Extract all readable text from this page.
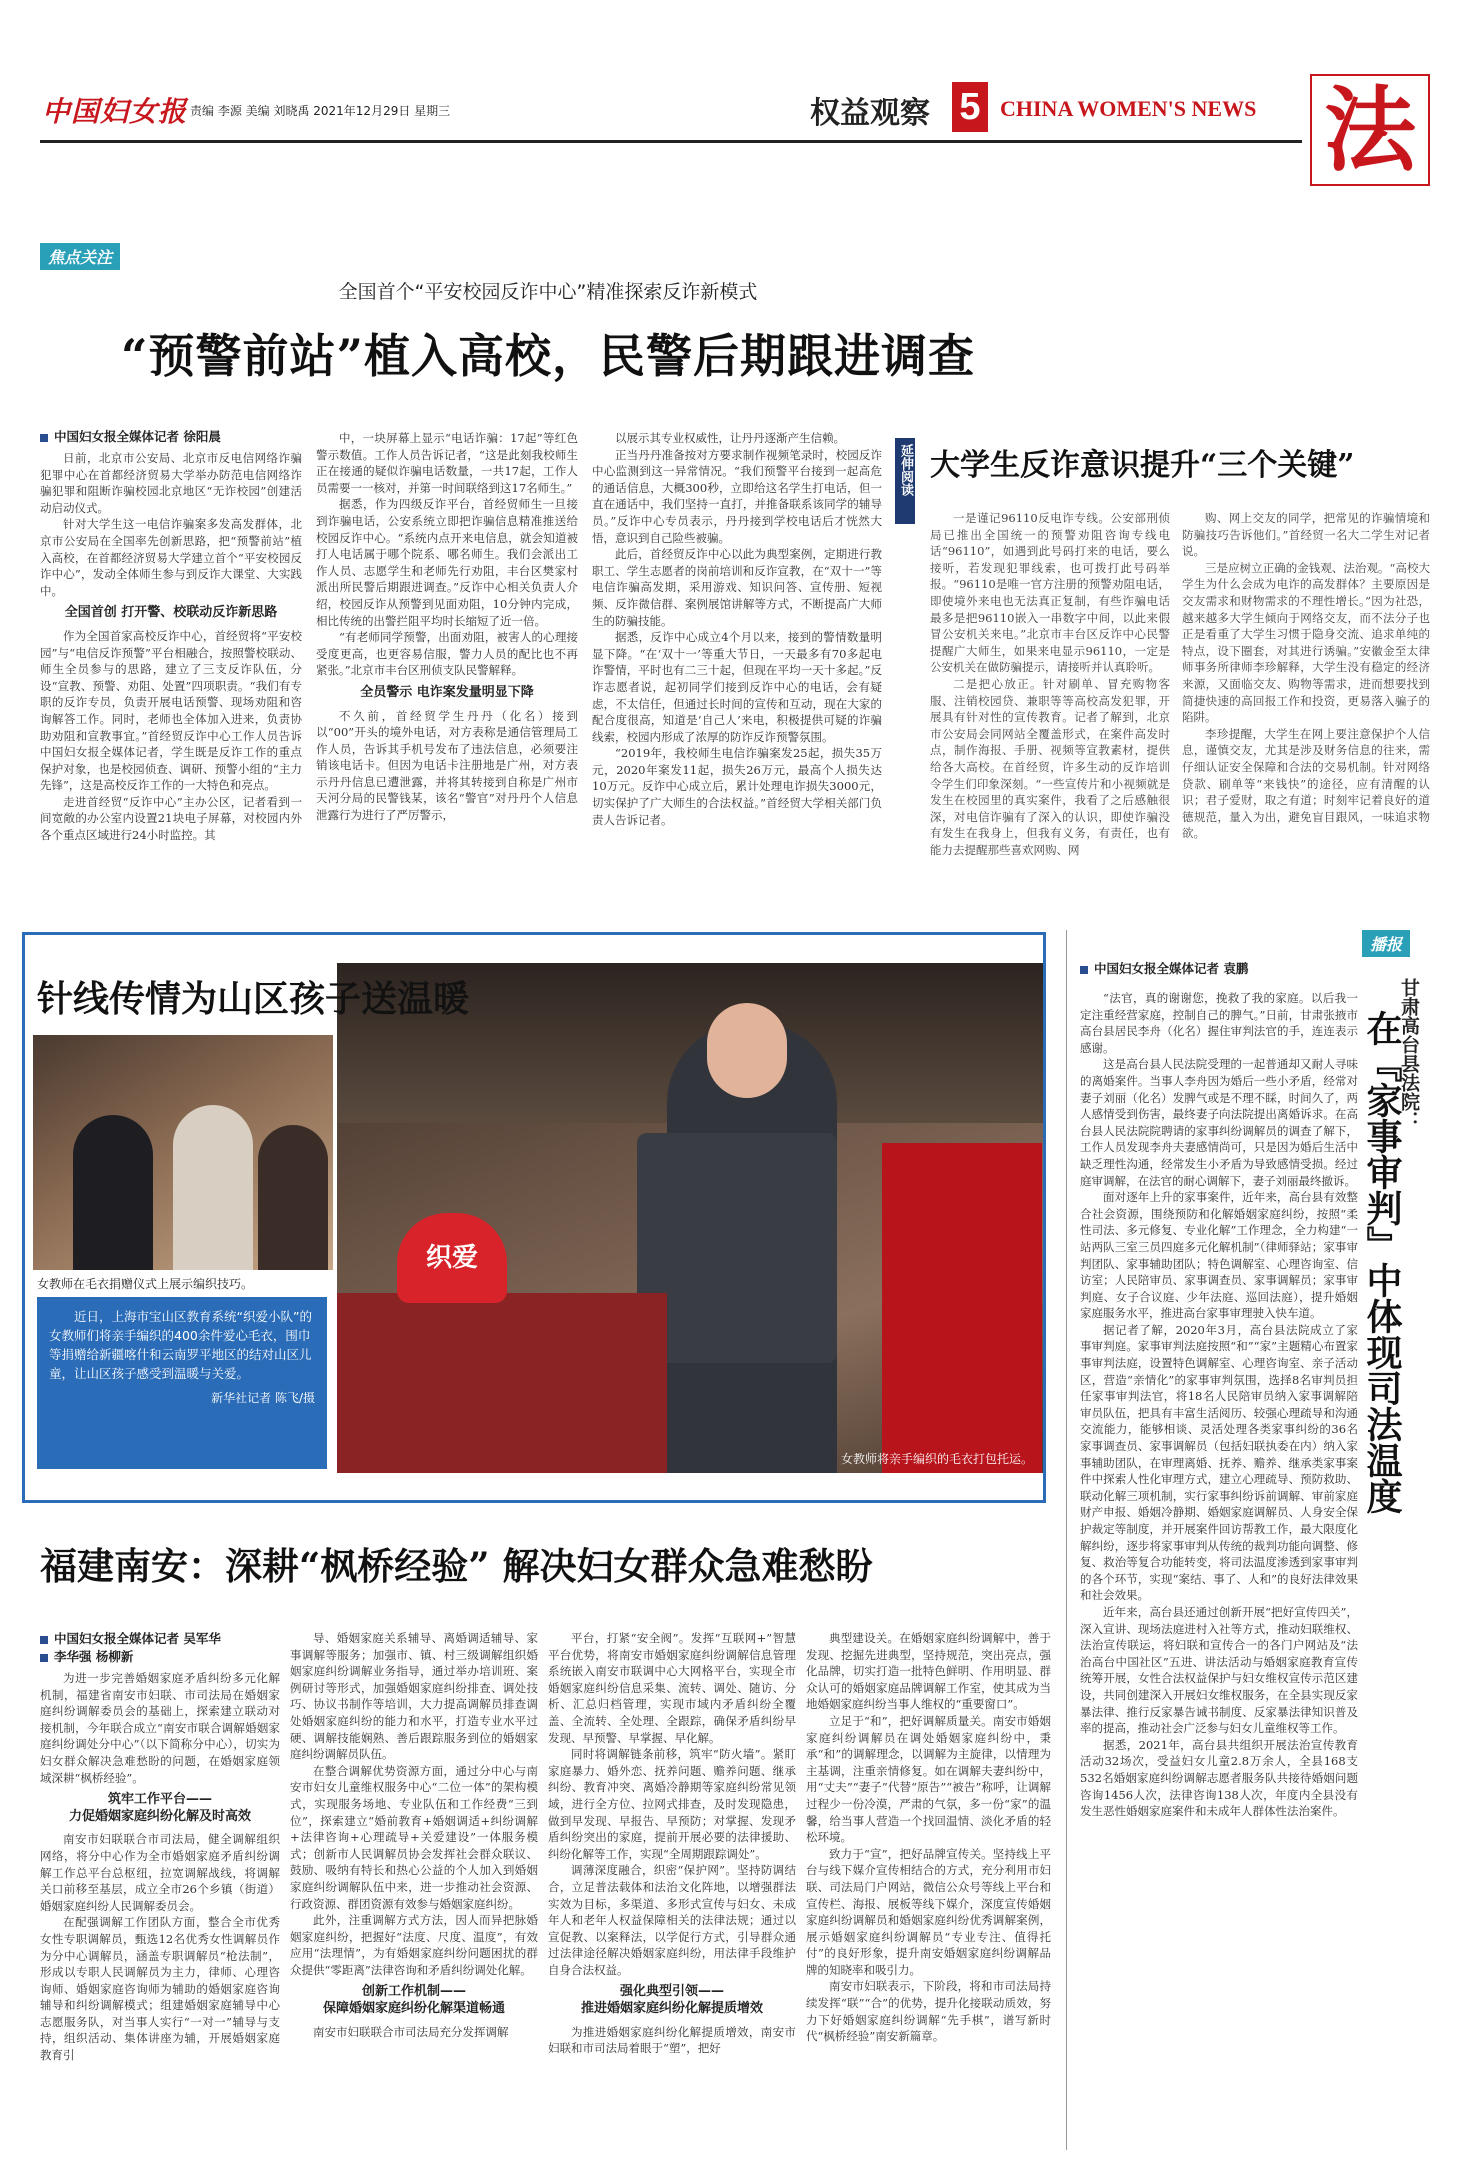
中国妇女报 责编 李源 美编 刘晓禹 2021年12月29日 星期三	权益观察 5 CHINA WOMEN'S NEWS 法
焦点关注
全国首个“平安校园反诈中心”精准探索反诈新模式
“预警前站”植入高校，民警后期跟进调查
中国妇女报全媒体记者 徐阳晨

日前，北京市公安局、北京市反电信网络诈骗犯罪中心在首都经济贸易大学举办防范电信网络诈骗犯罪和阻断诈骗校园北京地区“无诈校园”创建活动启动仪式。

针对大学生这一电信诈骗案多发高发群体，北京市公安局在全国率先创新思路，把“预警前站”植入高校，在首都经济贸易大学建立首个“平安校园反诈中心”，发动全体师生参与到反诈大课堂、大实践中。

全国首创 打开警、校联动反诈新思路

作为全国首家高校反诈中心，首经贸将“平安校园”与“电信反诈预警”平台相融合，按照警校联动、师生全员参与的思路，建立了三支反诈队伍，分设“宣教、预警、劝阻、处置”四项职责。“我们有专职的反诈专员，负责开展电话预警、现场劝阻和咨询解答工作。同时，老师也全体加入进来，负责协助劝阻和宣教事宜。”首经贸反诈中心工作人员告诉中国妇女报全媒体记者，学生既是反诈工作的重点保护对象，也是校园侦查、调研、预警小组的“主力先锋”，这是高校反诈工作的一大特色和亮点。

走进首经贸“反诈中心”主办公区，记者看到一间宽敞的办公室内设置21块电子屏幕，对校园内外各个重点区域进行24小时监控。其

中，一块屏幕上显示“电话诈骗：17起”等红色警示数值。工作人员告诉记者，“这是此刻我校师生正在接通的疑似诈骗电话数量，一共17起，工作人员需要一一核对，并第一时间联络到这17名师生。”

据悉，作为四级反诈平台，首经贸师生一旦接到诈骗电话，公安系统立即把诈骗信息精准推送给校园反诈中心。“系统内点开来电信息，就会知道被打人电话属于哪个院系、哪名师生。我们会派出工作人员、志愿学生和老师先行劝阻，丰台区樊家村派出所民警后期跟进调查。”反诈中心相关负责人介绍，校园反诈从预警到见面劝阻，10分钟内完成，相比传统的出警拦阻平均时长缩短了近一倍。

“有老师同学预警，出面劝阻，被害人的心理接受度更高，也更容易信服，警力人员的配比也不再紧张。”北京市丰台区刑侦支队民警解释。

全员警示 电诈案发量明显下降

不久前，首经贸学生丹丹（化名）接到以“00”开头的境外电话，对方表称是通信管理局工作人员，告诉其手机号发布了违法信息，必须要注销该电话卡。但因为电话卡注册地是广州，对方表示丹丹信息已遭泄露，并将其转接到自称是广州市天河分局的民警钱某，该名“警官”对丹丹个人信息泄露行为进行了严厉警示，

以展示其专业权威性，让丹丹逐渐产生信赖。

正当丹丹准备按对方要求制作视频笔录时，校园反诈中心监测到这一异常情况。“我们预警平台接到一起高危的通话信息，大概300秒，立即给这名学生打电话，但一直在通话中，我们坚持一直打，并推备联系该同学的辅导员。”反诈中心专员表示，丹丹接到学校电话后才恍然大悟，意识到自己险些被骗。

此后，首经贸反诈中心以此为典型案例，定期进行教职工、学生志愿者的岗前培训和反诈宣教，在“双十一”等电信诈骗高发期，采用游戏、知识问答、宣传册、短视频、反诈微信群、案例展馆讲解等方式，不断提高广大师生的防骗技能。

据悉，反诈中心成立4个月以来，接到的警情数量明显下降。“在‘双十一’等重大节日，一天最多有70多起电诈警情，平时也有二三十起，但现在平均一天十多起。”反诈志愿者说，起初同学们接到反诈中心的电话，会有疑虑，不太信任，但通过长时间的宣传和互动，现在大家的配合度很高，知道是‘自己人’来电，积极提供可疑的诈骗线索，校园内形成了浓厚的防诈反诈预警氛围。

“2019年，我校师生电信诈骗案发25起，损失35万元，2020年案发11起，损失26万元，最高个人损失达10万元。反诈中心成立后，累计处理电诈损失3000元，切实保护了广大师生的合法权益。”首经贸大学相关部门负责人告诉记者。

延伸阅读 大学生反诈意识提升“三个关键”

一是谨记96110反电诈专线。公安部刑侦局已推出全国统一的预警劝阻咨询专线电话“96110”，如遇到此号码打来的电话，要么接听，若发现犯罪线索，也可拨打此号码举报。“96110是唯一官方注册的预警劝阻电话，即使境外来电也无法真正复制，有些诈骗电话最多是把96110嵌入一串数字中间，以此来假冒公安机关来电。”北京市丰台区反诈中心民警提醒广大师生，如果来电显示96110，一定是公安机关在做防骗提示，请接听并认真聆听。

二是把心放正。针对刷单、冒充购物客服、注销校园贷、兼职等等高校高发犯罪，开展具有针对性的宣传教育。记者了解到，北京市公安局会同网站全覆盖形式，在案件高发时点，制作海报、手册、视频等宣教素材，提供给各大高校。在首经贸，许多生动的反诈培训令学生们印象深刻。“一些宣传片和小视频就是发生在校园里的真实案件，我看了之后感触很深，对电信诈骗有了深入的认识，即使诈骗没有发生在我身上，但我有义务，有责任，也有能力去提醒那些喜欢网购、网

购、网上交友的同学，把常见的诈骗情境和防骗技巧告诉他们。”首经贸一名大二学生对记者说。

三是应树立正确的金钱观、法治观。“高校大学生为什么会成为电诈的高发群体？主要原因是交友需求和财物需求的不理性增长。”因为社恐，越来越多大学生倾向于网络交友，而不法分子也正是看重了大学生习惯于隐身交流、追求单纯的特点，设下圈套，对其进行诱骗。”安徽金至太律师事务所律师李珍解释，大学生没有稳定的经济来源，又面临交友、购物等需求，进而想要找到简捷快速的高回报工作和投资，更易落入骗子的陷阱。

李珍提醒，大学生在网上要注意保护个人信息，谨慎交友，尤其是涉及财务信息的往来，需仔细认证安全保障和合法的交易机制。针对网络贷款、刷单等“来钱快”的途径，应有清醒的认识；君子爱财，取之有道；时刻牢记着良好的道德规范，量入为出，避免盲目跟风，一味追求物欲。

织爱
女教师将亲手编织的毛衣打包托运。
针线传情为山区孩子送温暖
女教师在毛衣捐赠仪式上展示编织技巧。
近日，上海市宝山区教育系统“织爱小队”的女教师们将亲手编织的400余件爱心毛衣，围巾等捐赠给新疆喀什和云南罗平地区的结对山区儿童，让山区孩子感受到温暖与关爱。
新华社记者 陈飞/摄
福建南安：深耕“枫桥经验” 解决妇女群众急难愁盼
中国妇女报全媒体记者 吴军华
李华强 杨柳新

为进一步完善婚姻家庭矛盾纠纷多元化解机制，福建省南安市妇联、市司法局在婚姻家庭纠纷调解委员会的基础上，探索建立联动对接机制，今年联合成立“南安市联合调解婚姻家庭纠纷调处分中心”（以下简称分中心），切实为妇女群众解决急难愁盼的问题，在婚姻家庭领域深耕“枫桥经验”。

筑牢工作平台——
力促婚姻家庭纠纷化解及时高效

南安市妇联联合市司法局，健全调解组织网络，将分中心作为全市婚姻家庭矛盾纠纷调解工作总平台总枢纽，拉宽调解战线，将调解关口前移至基层，成立全市26个乡镇（街道）婚姻家庭纠纷人民调解委员会。

在配强调解工作团队方面，整合全市优秀女性专职调解员，甄选12名优秀女性调解员作为分中心调解员，涵盖专职调解员“枪法制”，形成以专职人民调解员为主力，律师、心理咨询师、婚姻家庭咨询师为辅助的婚姻家庭咨询辅导和纠纷调解模式；组建婚姻家庭辅导中心志愿服务队，对当事人实行“一对一”辅导与支持，组织活动、集体讲座为辅，开展婚姻家庭教育引

导、婚姻家庭关系辅导、离婚调适辅导、家事调解等服务；加强市、镇、村三级调解组织婚姻家庭纠纷调解业务指导，通过举办培训班、案例研讨等形式，加强婚姻家庭纠纷排查、调处技巧、协议书制作等培训，大力提高调解员排查调处婚姻家庭纠纷的能力和水平，打造专业水平过硬、调解技能娴熟、善后跟踪服务到位的婚姻家庭纠纷调解员队伍。

在整合调解优势资源方面，通过分中心与南安市妇女儿童维权服务中心“二位一体”的架构模式，实现服务场地、专业队伍和工作经费“三到位”，探索建立“婚前教育+婚姻调适+纠纷调解+法律咨询+心理疏导+关爱建设”一体服务模式；创新市人民调解员协会发挥社会群众联议、鼓励、吸纳有特长和热心公益的个人加入到婚姻家庭纠纷调解队伍中来，进一步推动社会资源、行政资源、群团资源有效参与婚姻家庭纠纷。

此外，注重调解方式方法，因人而异把脉婚姻家庭纠纷，把握好“法度、尺度、温度”，有效应用“法理情”，为有婚姻家庭纠纷问题困扰的群众提供“零距离”法律咨询和矛盾纠纷调处化解。

创新工作机制——
保障婚姻家庭纠纷化解渠道畅通

南安市妇联联合市司法局充分发挥调解

平台，打紧“安全阀”。发挥“互联网+”智慧平台优势，将南安市婚姻家庭纠纷调解信息管理系统嵌入南安市联调中心大网格平台，实现全市婚姻家庭纠纷信息采集、流转、调处、随访、分析、汇总归档管理，实现市域内矛盾纠纷全覆盖、全流转、全处理、全跟踪，确保矛盾纠纷早发现、早预警、早掌握、早化解。

同时将调解链条前移，筑牢“防火墙”。紧盯家庭暴力、婚外恋、抚养问题、赡养问题、继承纠纷、教育冲突、离婚冷静期等家庭纠纷常见领域，进行全方位、拉网式排查，及时发现隐患，做到早发现、早报告、早预防；对掌握、发现矛盾纠纷突出的家庭，提前开展必要的法律援助、纠纷化解等工作，实现“全周期跟踪调处”。

调薄深度融合，织密“保护网”。坚持防调结合，立足普法载体和法治文化阵地，以增强群法实效为目标，多渠道、多形式宣传与妇女、未成年人和老年人权益保障相关的法律法规；通过以宣促教、以案释法，以学促行方式，引导群众通过法律途径解决婚姻家庭纠纷，用法律手段维护自身合法权益。

强化典型引领——
推进婚姻家庭纠纷化解提质增效

为推进婚姻家庭纠纷化解提质增效，南安市妇联和市司法局着眼于“塑”，把好

典型建设关。在婚姻家庭纠纷调解中，善于发现、挖掘先进典型，坚持规范，突出亮点，强化品牌，切实打造一批特色鲜明、作用明显、群众认可的婚姻家庭品牌调解工作室，使其成为当地婚姻家庭纠纷当事人维权的“重要窗口”。

立足于“和”，把好调解质量关。南安市婚姻家庭纠纷调解员在调处婚姻家庭纠纷中，秉承“和”的调解理念，以调解为主旋律，以情理为主基调，注重亲情修复。如在调解夫妻纠纷中，用“丈夫”“妻子”代替“原告”“被告”称呼，让调解过程少一份冷漠，严肃的气氛，多一份“家”的温馨，给当事人营造一个找回温情、淡化矛盾的轻松环境。

致力于“宣”，把好品牌宣传关。坚持线上平台与线下媒介宣传相结合的方式，充分利用市妇联、司法局门户网站，微信公众号等线上平台和宣传栏、海报、展板等线下媒介，深度宣传婚姻家庭纠纷调解员和婚姻家庭纠纷优秀调解案例，展示婚姻家庭纠纷调解员“专业专注、值得托付”的良好形象，提升南安婚姻家庭纠纷调解品牌的知晓率和吸引力。

南安市妇联表示，下阶段，将和市司法局持续发挥“联”“合”的优势，提升化接联动质效，努力下好婚姻家庭纠纷调解“先手棋”，谱写新时代“枫桥经验”南安新篇章。

播报
中国妇女报全媒体记者 袁鹏

“法官，真的谢谢您，挽救了我的家庭。以后我一定注重经营家庭，控制自己的脾气。”日前，甘肃张掖市高台县居民李舟（化名）握住审判法官的手，连连表示感谢。

这是高台县人民法院受理的一起普通却又耐人寻味的离婚案件。当事人李舟因为婚后一些小矛盾，经常对妻子刘丽（化名）发脾气或是不理不睬，时间久了，两人感情受到伤害，最终妻子向法院提出离婚诉求。在高台县人民法院院聘请的家事纠纷调解员的调查了解下，工作人员发现李舟夫妻感情尚可，只是因为婚后生活中缺乏理性沟通，经常发生小矛盾为导致感情受损。经过庭审调解，在法官的耐心调解下，妻子刘丽最终撤诉。

面对逐年上升的家事案件，近年来，高台县有效整合社会资源，围绕预防和化解婚姻家庭纠纷，按照“柔性司法、多元修复、专业化解”工作理念，全力构建“一站两队三室三员四庭多元化解机制”（律师驿站；家事审判团队、家事辅助团队；特色调解室、心理咨询室、信访室；人民陪审员、家事调查员、家事调解员；家事审判庭、女子合议庭、少年法庭、巡回法庭），提升婚姻家庭服务水平，推进高台家事审理驶入快车道。

据记者了解，2020年3月，高台县法院成立了家事审判庭。家事审判法庭按照“和”“家”主题精心布置家事审判法庭，设置特色调解室、心理咨询室、亲子活动区，营造“亲情化”的家事审判氛围，选择8名审判员担任家事审判法官，将18名人民陪审员纳入家事调解陪审员队伍，把具有丰富生活阅历、较强心理疏导和沟通交流能力，能够相谈、灵活处理各类家事纠纷的36名家事调查员、家事调解员（包括妇联执委在内）纳入家事辅助团队，在审理离婚、抚养、赡养、继承类家事案件中探索人性化审理方式，建立心理疏导、预防救助、联动化解三项机制，实行家事纠纷诉前调解、审前家庭财产申报、婚姻冷静期、婚姻家庭调解员、人身安全保护裁定等制度，并开展案件回访帮教工作，最大限度化解纠纷，逐步将家事审判从传统的裁判功能向调整、修复、救治等复合功能转变，将司法温度渗透到家事审判的各个环节，实现“案结、事了、人和”的良好法律效果和社会效果。

近年来，高台县还通过创新开展“把好宣传四关”，深入宣讲、现场法庭进村入社等方式，推动妇联维权、法治宣传联运，将妇联和宣传合一的各门户网站及“法治高台中国社区”五进、讲法活动与婚姻家庭教育宣传统筹开展，女性合法权益保护与妇女维权宣传示范区建设，共同创建深入开展妇女维权服务，在全县实现反家暴法律、推行反家暴告诫书制度、反家暴法律知识普及率的提高，推动社会广泛参与妇女儿童维权等工作。

据悉，2021年，高台县共组织开展法治宣传教育活动32场次，受益妇女儿童2.8万余人，全县168支532名婚姻家庭纠纷调解志愿者服务队共接待婚姻问题咨询1456人次，法律咨询138人次，年度内全县没有发生恶性婚姻家庭案件和未成年人群体性法治案件。

甘肃高台县法院：
在『家事审判』中体现司法温度
